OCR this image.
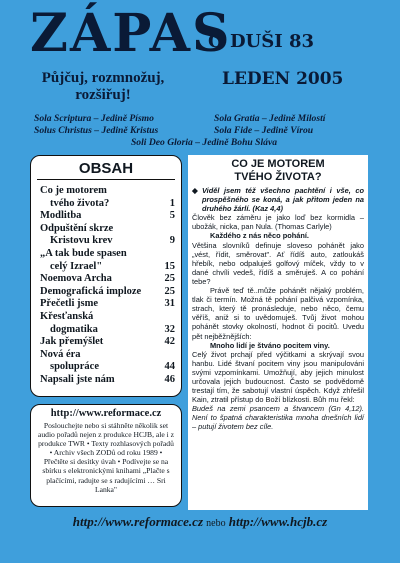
ZÁPAS
O DUŠI 83
Půjčuj, rozmnožuj,
rozšiřuj!
LEDEN 2005
Sola Scriptura – Jedině Písmo	Sola Gratia – Jedině Milostí
Solus Christus – Jedině Kristus	Sola Fide – Jedině Vírou
Soli Deo Gloria – Jedině Bohu Sláva
OBSAH
Co je motorem
tvého života?	1
Modlitba	5
Odpuštění skrze
Kristovu krev	9
„A tak bude spasen
celý Izrael"	15
Noemova Archa	25
Demografická imploze	25
Přečetli jsme	31
Křesťanská
dogmatika	32
Jak přemýšlet	42
Nová éra
spolupráce	44
Napsali jste nám	46
http://www.reformace.cz
Poslouchejte nebo si stáhněte několik set audio pořadů nejen z produkce HCJB, ale i z produkce TWR • Texty rozhlasových pořadů • Archiv všech ZODů od roku 1989 • Přečtěte si desítky úvah • Podívejte se na sbírku s elektronickými knihami „Plačte s plačícími, radujte se s radujícími … Sri Lanka"
CO JE MOTOREM
TVÉHO ŽIVOTA?

◆ Viděl jsem též všechno pachtění i vše, co prospěšného se koná, a jak přitom jeden na druhého žárlí. (Kaz 4,4)

Člověk bez záměru je jako loď bez kormidla – ubožák, nicka, pan Nula. (Thomas Carlyle)

Každého z nás něco pohání.

Většina slovníků definuje sloveso pohánět jako „vést, řídit, směrovat". Ať řídíš auto, zatloukáš hřebík, nebo odpaluješ golfový míček, vždy to v dané chvíli vedeš, řídíš a směruješ. A co pohání tebe?

Právě teď tě..může pohánět nějaký problém, tlak či termín. Možná tě pohání palčivá vzpomínka, strach, který tě pronásleduje, nebo něco, čemu věříš, aniž si to uvědomuješ. Tvůj život mohou pohánět stovky okolností, hodnot či pocitů. Uvedu pět nejběžnějších:

Mnoho lidí je štváno pocitem viny.

Celý život prchají před výčitkami a skrývají svou hanbu. Lidé štvaní pocitem viny jsou manipulováni svými vzpomínkami. Umožňují, aby jejich minulost určovala jejich budoucnost. Často se podvědomě trestají tím, že sabotují vlastní úspěch. Když zhřešil Kain, ztratil přístup do Boží blízkosti. Bůh mu řekl:

Budeš na zemi psancem a štvancem (Gn 4,12). Není to špatná charakteristika mnoha dnešních lidí – putují životem bez cíle.

http://www.reformace.cz nebo http://www.hcjb.cz
